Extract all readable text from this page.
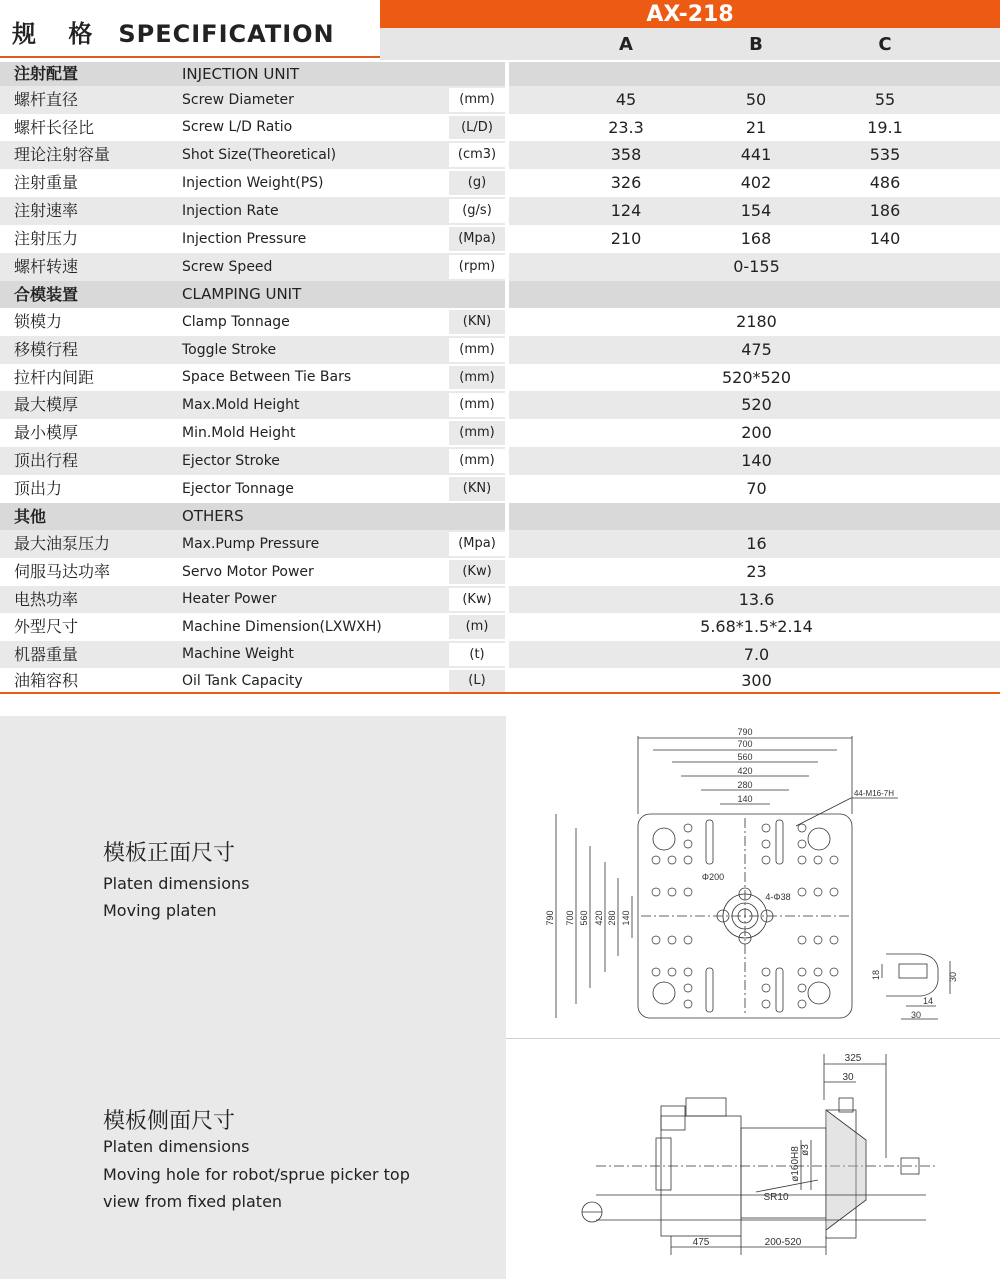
规 格 SPECIFICATION
AX-218
A	B	C
注射配置	INJECTION UNIT
螺杆直径	Screw Diameter	(mm)	45	50	55
螺杆长径比	Screw L/D Ratio	(L/D)	23.3	21	19.1
理论注射容量	Shot Size(Theoretical)	(cm3)	358	441	535
注射重量	Injection Weight(PS)	(g)	326	402	486
注射速率	Injection Rate	(g/s)	124	154	186
注射压力	Injection Pressure	(Mpa)	210	168	140
螺杆转速	Screw Speed	(rpm)	0-155
合模装置	CLAMPING UNIT
锁模力	Clamp Tonnage	(KN)	2180
移模行程	Toggle Stroke	(mm)	475
拉杆内间距	Space Between Tie Bars	(mm)	520*520
最大模厚	Max.Mold Height	(mm)	520
最小模厚	Min.Mold Height	(mm)	200
顶出行程	Ejector Stroke	(mm)	140
顶出力	Ejector Tonnage	(KN)	70
其他	OTHERS
最大油泵压力	Max.Pump Pressure	(Mpa)	16
伺服马达功率	Servo Motor Power	(Kw)	23
电热功率	Heater Power	(Kw)	13.6
外型尺寸	Machine Dimension(LXWXH)	(m)	5.68*1.5*2.14
机器重量	Machine Weight	(t)	7.0
油箱容积	Oil Tank Capacity	(L)	300
模板正面尺寸
Platen dimensions
Moving platen
模板侧面尺寸
Platen dimensions
Moving hole for robot/sprue picker top
view from fixed platen
790
700
560
420
280
140
790 700 560 420 280 140
44-M16-7H
Φ200
4-Φ38
18	30
14
30
325
30
ø160H8 ø3
SR10
475	200-520
